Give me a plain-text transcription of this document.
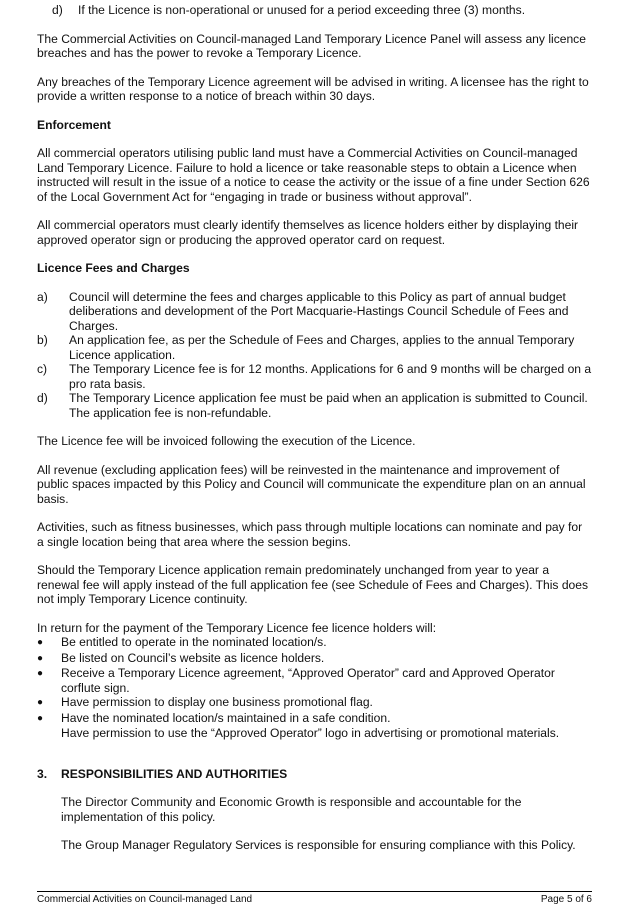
d)	If the Licence is non-operational or unused for a period exceeding three (3) months.

The Commercial Activities on Council-managed Land Temporary Licence Panel will assess any licence breaches and has the power to revoke a Temporary Licence.

Any breaches of the Temporary Licence agreement will be advised in writing. A licensee has the right to provide a written response to a notice of breach within 30 days.

Enforcement

All commercial operators utilising public land must have a Commercial Activities on Council-managed Land Temporary Licence. Failure to hold a licence or take reasonable steps to obtain a Licence when instructed will result in the issue of a notice to cease the activity or the issue of a fine under Section 626 of the Local Government Act for “engaging in trade or business without approval”.

All commercial operators must clearly identify themselves as licence holders either by displaying their approved operator sign or producing the approved operator card on request.

Licence Fees and Charges

a)	Council will determine the fees and charges applicable to this Policy as part of annual budget deliberations and development of the Port Macquarie-Hastings Council Schedule of Fees and Charges.
b)	An application fee, as per the Schedule of Fees and Charges, applies to the annual Temporary Licence application.
c)	The Temporary Licence fee is for 12 months. Applications for 6 and 9 months will be charged on a pro rata basis.
d)	The Temporary Licence application fee must be paid when an application is submitted to Council. The application fee is non-refundable.

The Licence fee will be invoiced following the execution of the Licence.

All revenue (excluding application fees) will be reinvested in the maintenance and improvement of public spaces impacted by this Policy and Council will communicate the expenditure plan on an annual basis.

Activities, such as fitness businesses, which pass through multiple locations can nominate and pay for a single location being that area where the session begins.

Should the Temporary Licence application remain predominately unchanged from year to year a renewal fee will apply instead of the full application fee (see Schedule of Fees and Charges). This does not imply Temporary Licence continuity.

In return for the payment of the Temporary Licence fee licence holders will:

●	Be entitled to operate in the nominated location/s.
●	Be listed on Council’s website as licence holders.
●	Receive a Temporary Licence agreement, “Approved Operator” card and Approved Operator corflute sign.
●	Have permission to display one business promotional flag.
●	Have the nominated location/s maintained in a safe condition.

Have permission to use the “Approved Operator” logo in advertising or promotional materials.

3.	RESPONSIBILITIES AND AUTHORITIES

The Director Community and Economic Growth is responsible and accountable for the implementation of this policy.

The Group Manager Regulatory Services is responsible for ensuring compliance with this Policy.

Commercial Activities on Council-managed Land	Page 5 of 6
